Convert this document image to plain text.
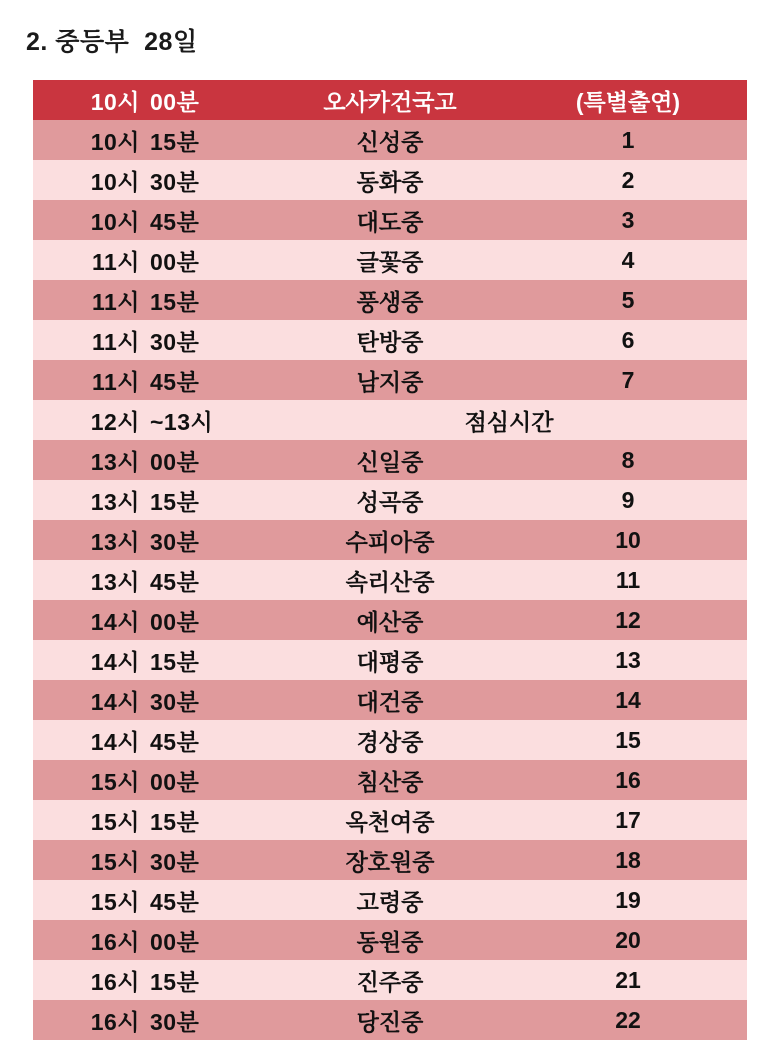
2. 중등부  28일
10시 00분	오사카건국고	(특별출연)
10시 15분	신성중	1
10시 30분	동화중	2
10시 45분	대도중	3
11시 00분	글꽃중	4
11시 15분	풍생중	5
11시 30분	탄방중	6
11시 45분	남지중	7
12시 ~13시	점심시간	
13시 00분	신일중	8
13시 15분	성곡중	9
13시 30분	수피아중	10
13시 45분	속리산중	11
14시 00분	예산중	12
14시 15분	대평중	13
14시 30분	대건중	14
14시 45분	경상중	15
15시 00분	침산중	16
15시 15분	옥천여중	17
15시 30분	장호원중	18
15시 45분	고령중	19
16시 00분	동원중	20
16시 15분	진주중	21
16시 30분	당진중	22
